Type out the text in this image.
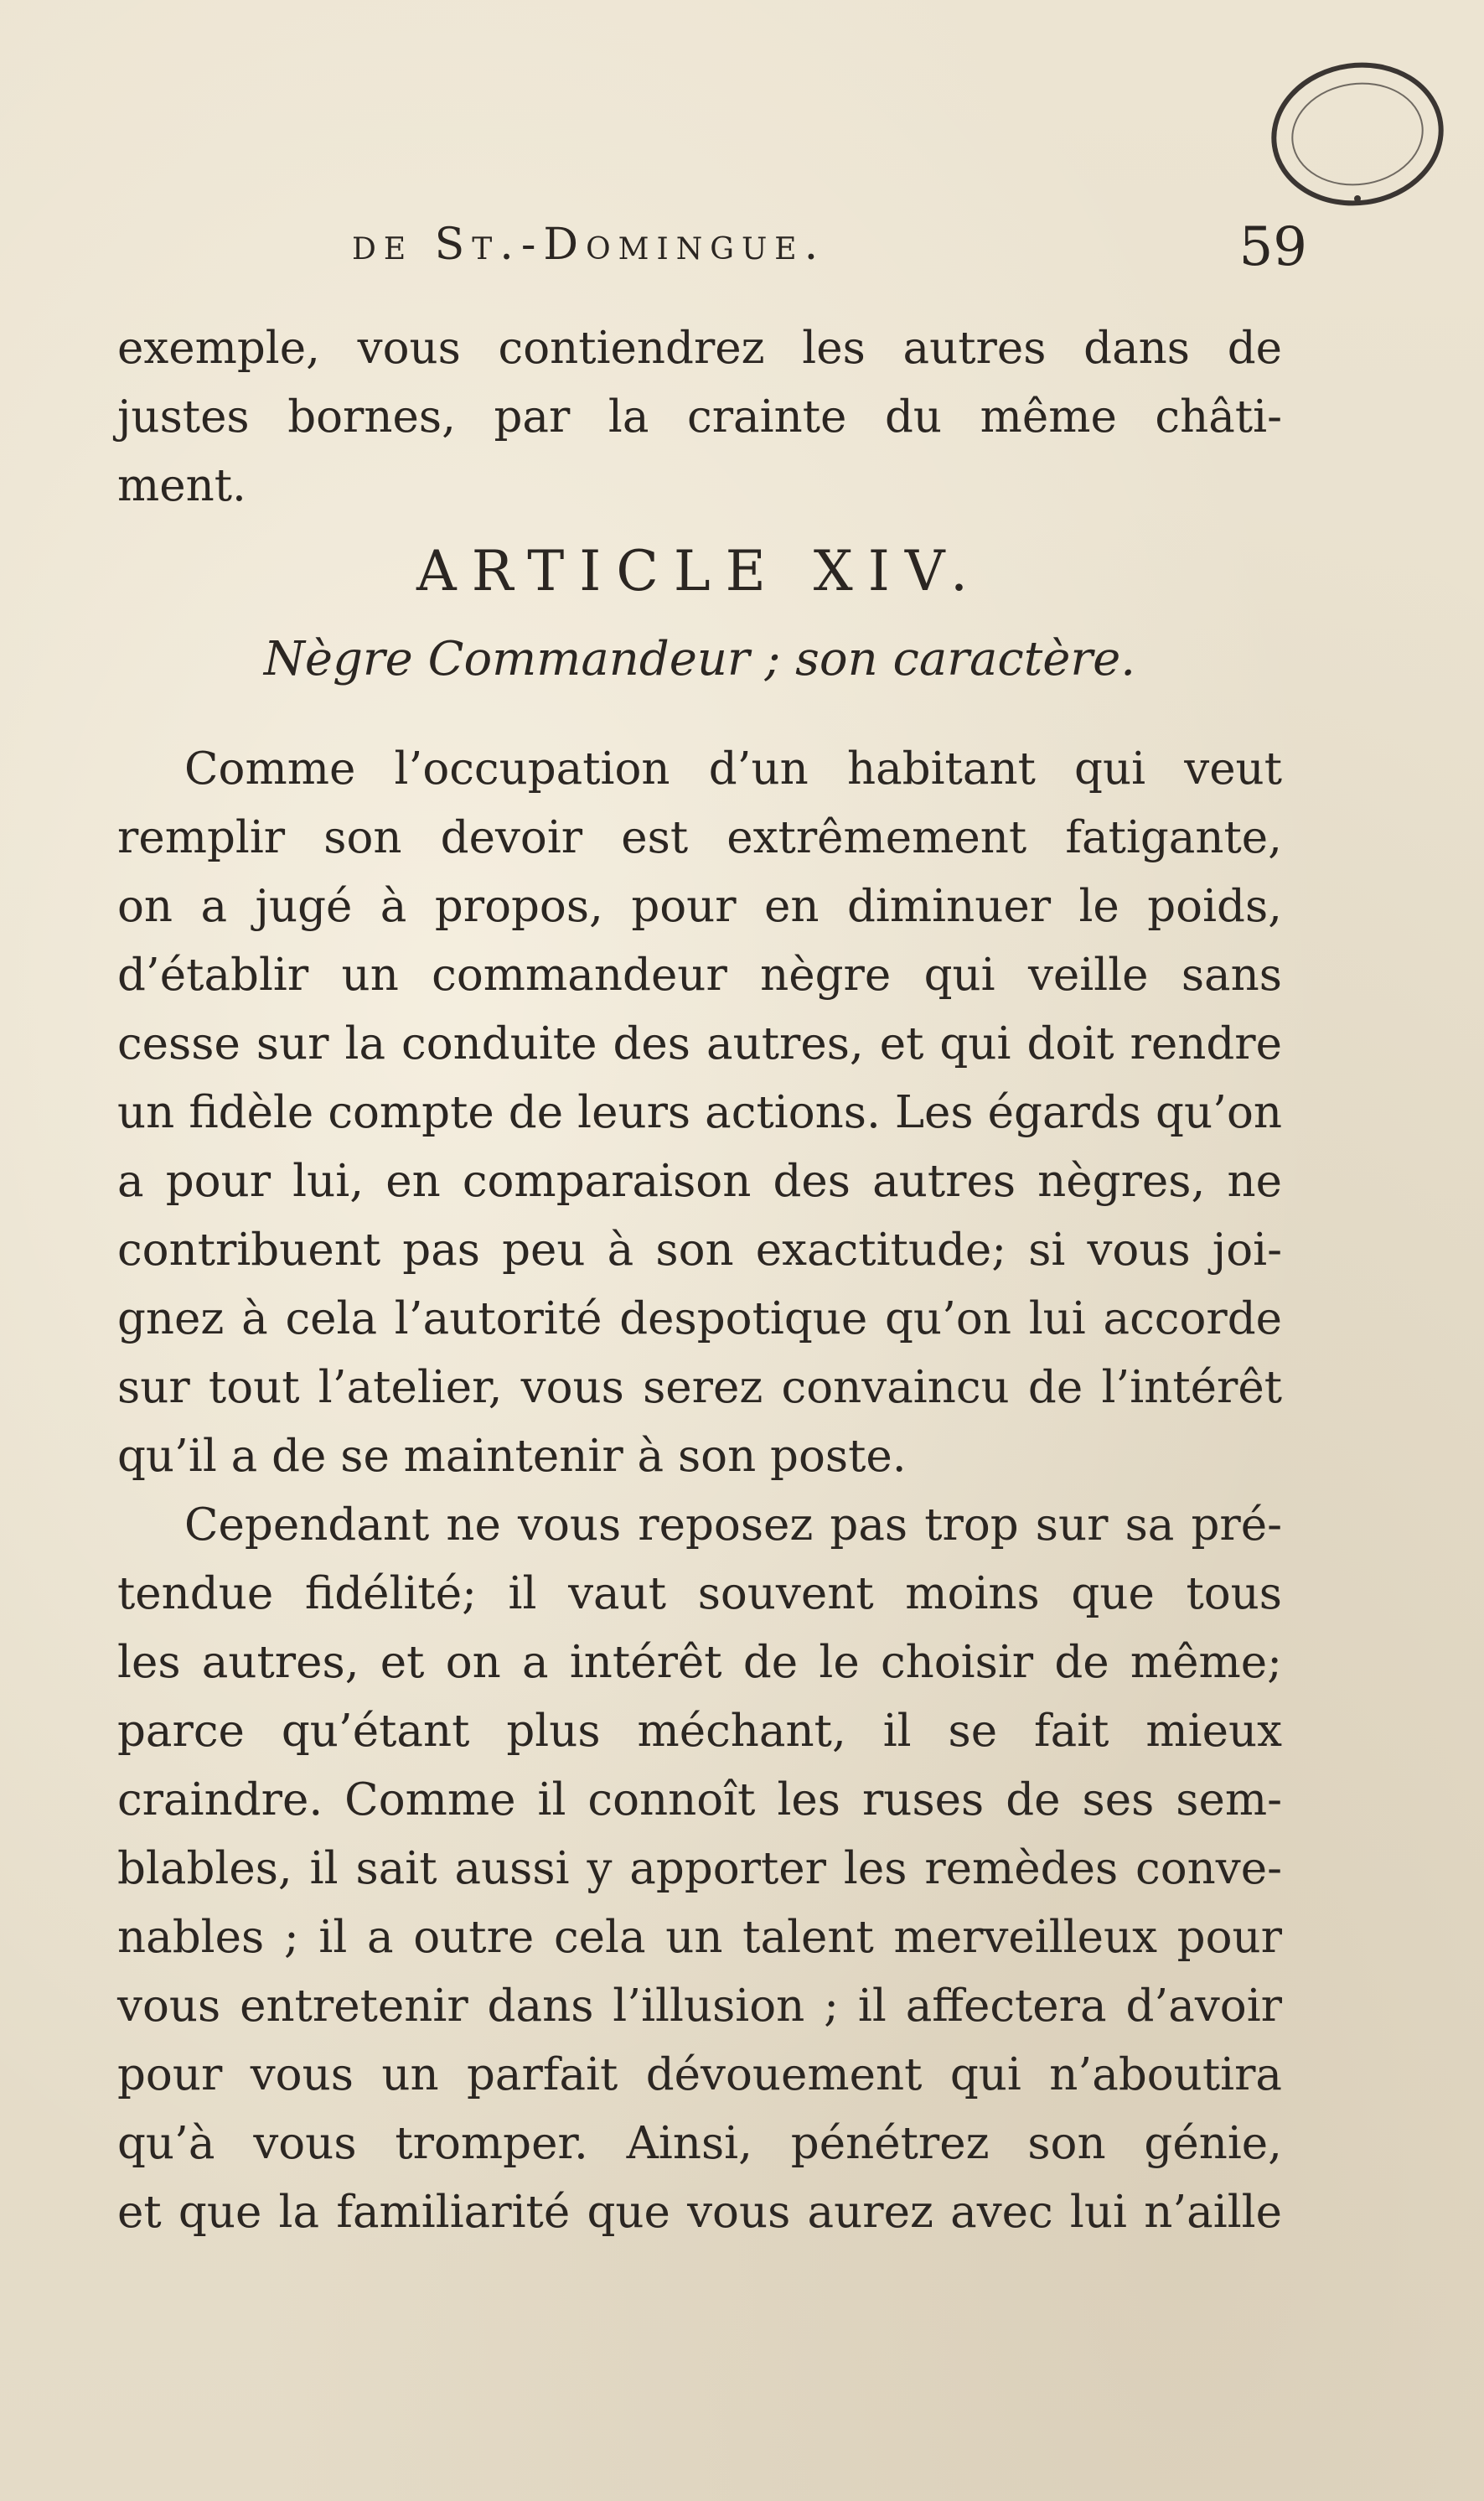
de St.-Domingue.	59
exemple, vous contiendrez les autres dans de
justes bornes, par la crainte du même châti-
ment.
ARTICLE XIV.
Nègre Commandeur ; son caractère.
Comme l’occupation d’un habitant qui veut
remplir son devoir est extrêmement fatigante,
on a jugé à propos, pour en diminuer le poids,
d’établir un commandeur nègre qui veille sans
cesse sur la conduite des autres, et qui doit rendre
un fidèle compte de leurs actions. Les égards qu’on
a pour lui, en comparaison des autres nègres, ne
contribuent pas peu à son exactitude; si vous joi-
gnez à cela l’autorité despotique qu’on lui accorde
sur tout l’atelier, vous serez convaincu de l’intérêt
qu’il a de se maintenir à son poste.
Cependant ne vous reposez pas trop sur sa pré-
tendue fidélité; il vaut souvent moins que tous
les autres, et on a intérêt de le choisir de même;
parce qu’étant plus méchant, il se fait mieux
craindre. Comme il connoît les ruses de ses sem-
blables, il sait aussi y apporter les remèdes conve-
nables ; il a outre cela un talent merveilleux pour
vous entretenir dans l’illusion ; il affectera d’avoir
pour vous un parfait dévouement qui n’aboutira
qu’à vous tromper. Ainsi, pénétrez son génie,
et que la familiarité que vous aurez avec lui n’aille
